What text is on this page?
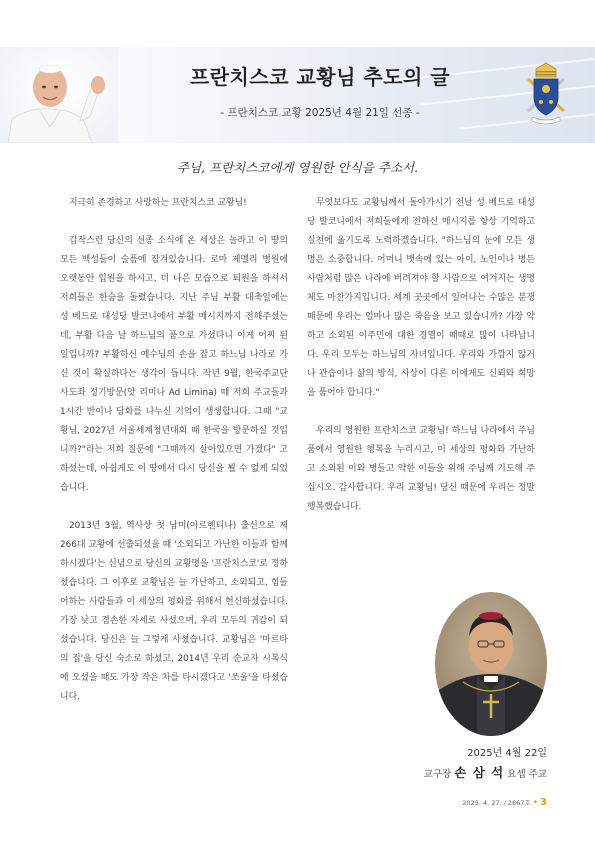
프란치스코 교황님 추도의 글
- 프란치스코 교황 2025년 4월 21일 선종 -
주님, 프란치스코에게 영원한 안식을 주소서.

지극히 존경하고 사랑하는 프란치스코 교황님!

갑작스런 당신의 선종 소식에 온 세상은 놀라고 이 땅의 모든 백성들이 슬픔에 잠겨있습니다. 로마 제멜리 병원에 오랫동안 입원을 하시고, 더 나은 모습으로 퇴원을 하셔서 저희들은 한숨을 돌렸습니다. 지난 주님 부활 대축일에는 성 베드로 대성당 발코니에서 부활 메시지까지 전해주셨는데, 부활 다음 날 하느님의 품으로 가셨다니 이게 어찌 된 일입니까? 부활하신 예수님의 손을 잡고 하느님 나라로 가신 것이 확실하다는 생각이 듭니다. 작년 9월, 한국주교단 사도좌 정기방문(앗 리미나 Ad Limina) 때 저희 주교들과 1시간 반이나 담화를 나누신 기억이 생생합니다. 그때 "교황님, 2027년 서울세계청년대회 때 한국을 방문하실 것입니까?"라는 저희 질문에 "그때까지 살아있으면 가겠다" 고 하셨는데, 아쉽게도 이 땅에서 다시 당신을 뵐 수 없게 되었습니다.

2013년 3월, 역사상 첫 남미(아르헨티나) 출신으로 제266대 교황에 선출되셨을 때 '소외되고 가난한 이들과 함께 하시겠다'는 신념으로 당신의 교황명을 '프란치스코'로 정하셨습니다. 그 이후로 교황님은 늘 가난하고, 소외되고, 힘들어하는 사람들과 이 세상의 평화를 위해서 헌신하셨습니다. 가장 낮고 겸손한 자세로 사셨으며, 우리 모두의 귀감이 되셨습니다. 당신은 늘 그렇게 사셨습니다. 교황님은 '마르타의 집'을 당신 숙소로 하셨고, 2014년 우리 순교자 시복식에 오셨을 때도 가장 작은 차를 타시겠다고 '쏘울'을 타셨습니다.

무엇보다도 교황님께서 돌아가시기 전날 성 베드로 대성당 발코니에서 저희들에게 전하신 메시지를 항상 기억하고 실천에 옮기도록 노력하겠습니다. "하느님의 눈에 모든 생명은 소중합니다. 어머니 뱃속에 있는 아이, 노인이나 병든 사람처럼 많은 나라에 버려져야 할 사람으로 여겨지는 생명체도 마찬가지입니다. 세계 곳곳에서 일어나는 수많은 분쟁 때문에 우리는 얼마나 많은 죽음을 보고 있습니까? 가장 약하고 소외된 이주민에 대한 경멸이 때때로 많이 나타납니다. 우리 모두는 하느님의 자녀입니다. 우리와 가깝지 않거나 관습이나 삶의 방식, 사상이 다른 이에게도 신뢰와 희망을 품어야 합니다."

우리의 영원한 프란치스코 교황님! 하느님 나라에서 주님 품에서 영원한 행복을 누리시고, 이 세상의 평화와 가난하고 소외된 이와 병들고 약한 이들을 위해 주님께 기도해 주십시오. 감사합니다. 우리 교황님! 당신 때문에 우리는 정말 행복했습니다.

2025년 4월 22일
교구장 손 삼 석 요셉 주교
2025. 4. 27. / 2867호 • 3
